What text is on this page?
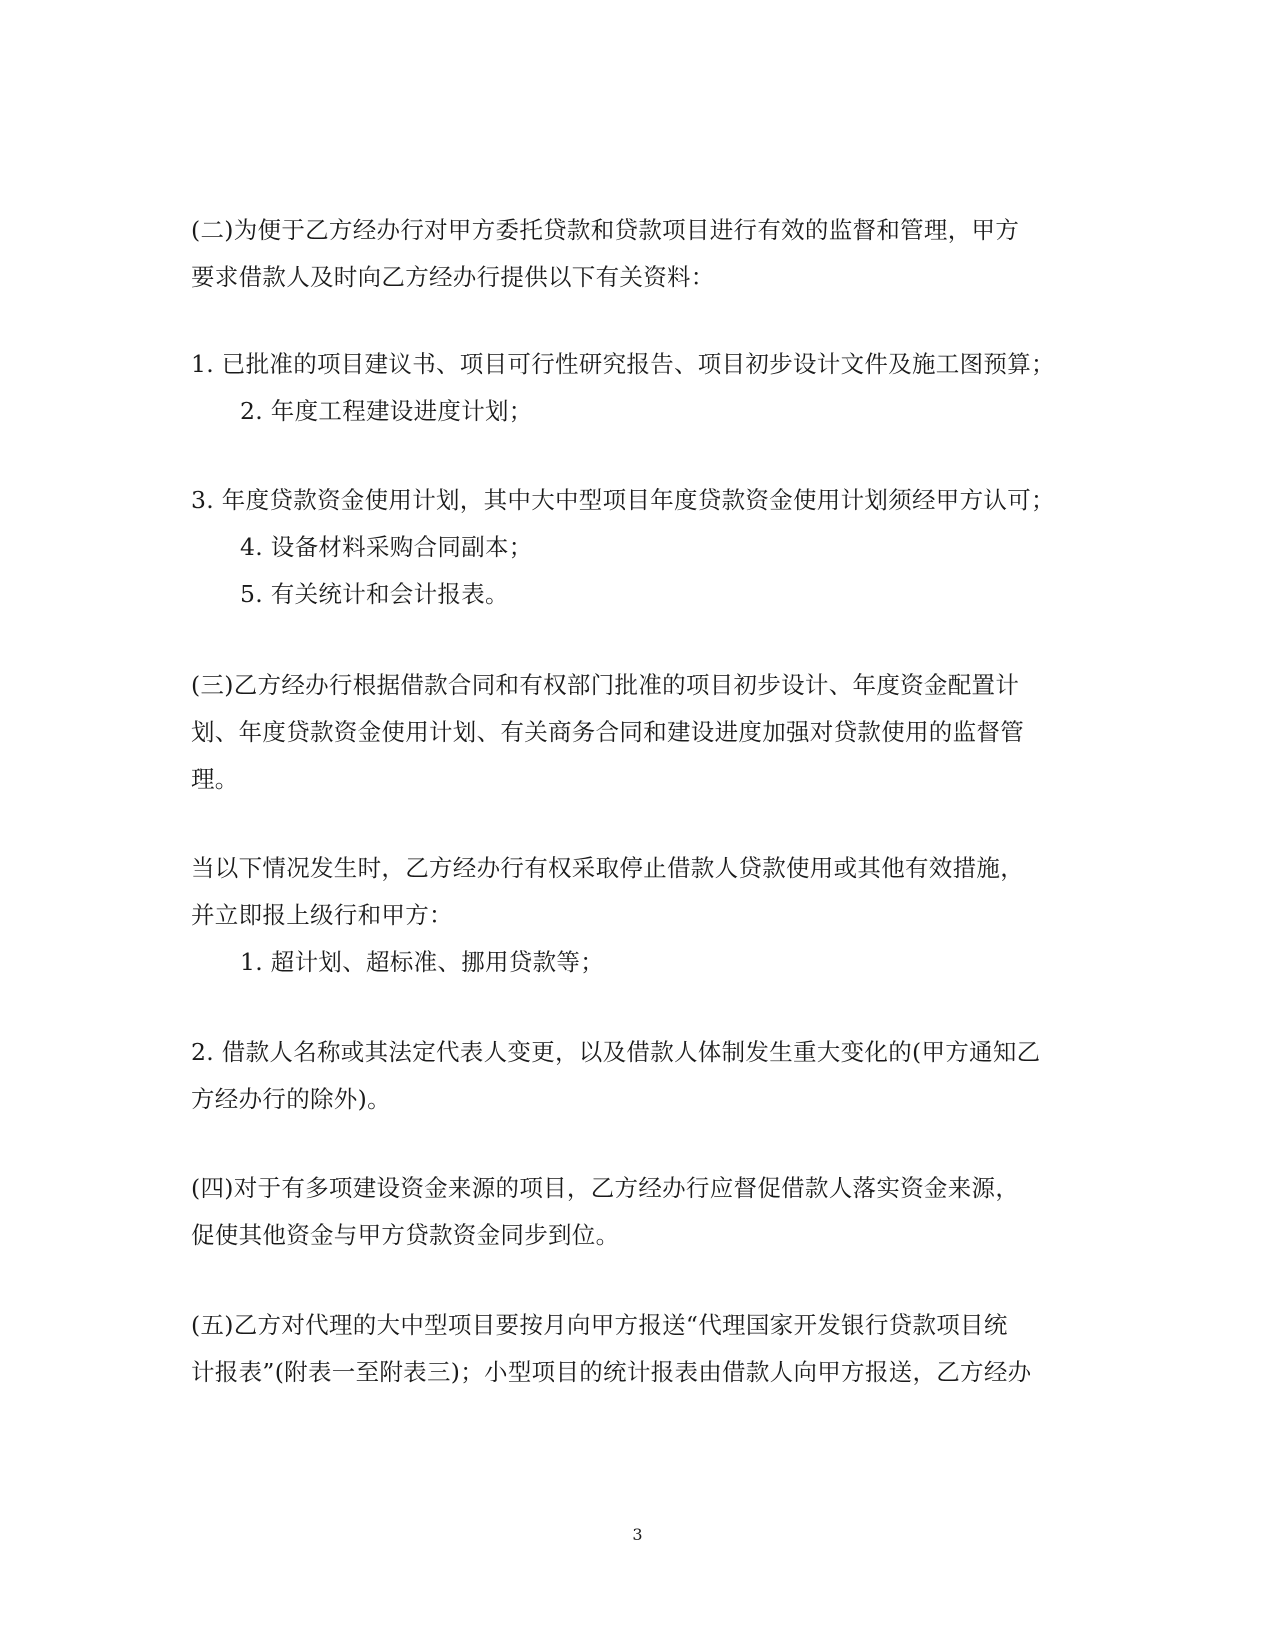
(二)为便于乙方经办行对甲方委托贷款和贷款项目进行有效的监督和管理，甲方
要求借款人及时向乙方经办行提供以下有关资料：
1. 已批准的项目建议书、项目可行性研究报告、项目初步设计文件及施工图预算；
2. 年度工程建设进度计划；
3. 年度贷款资金使用计划，其中大中型项目年度贷款资金使用计划须经甲方认可；
4. 设备材料采购合同副本；
5. 有关统计和会计报表。
(三)乙方经办行根据借款合同和有权部门批准的项目初步设计、年度资金配置计
划、年度贷款资金使用计划、有关商务合同和建设进度加强对贷款使用的监督管
理。
当以下情况发生时，乙方经办行有权采取停止借款人贷款使用或其他有效措施，
并立即报上级行和甲方：
1. 超计划、超标准、挪用贷款等；
2. 借款人名称或其法定代表人变更，以及借款人体制发生重大变化的(甲方通知乙
方经办行的除外)。
(四)对于有多项建设资金来源的项目，乙方经办行应督促借款人落实资金来源，
促使其他资金与甲方贷款资金同步到位。
(五)乙方对代理的大中型项目要按月向甲方报送“代理国家开发银行贷款项目统
计报表”(附表一至附表三)；小型项目的统计报表由借款人向甲方报送，乙方经办
3
